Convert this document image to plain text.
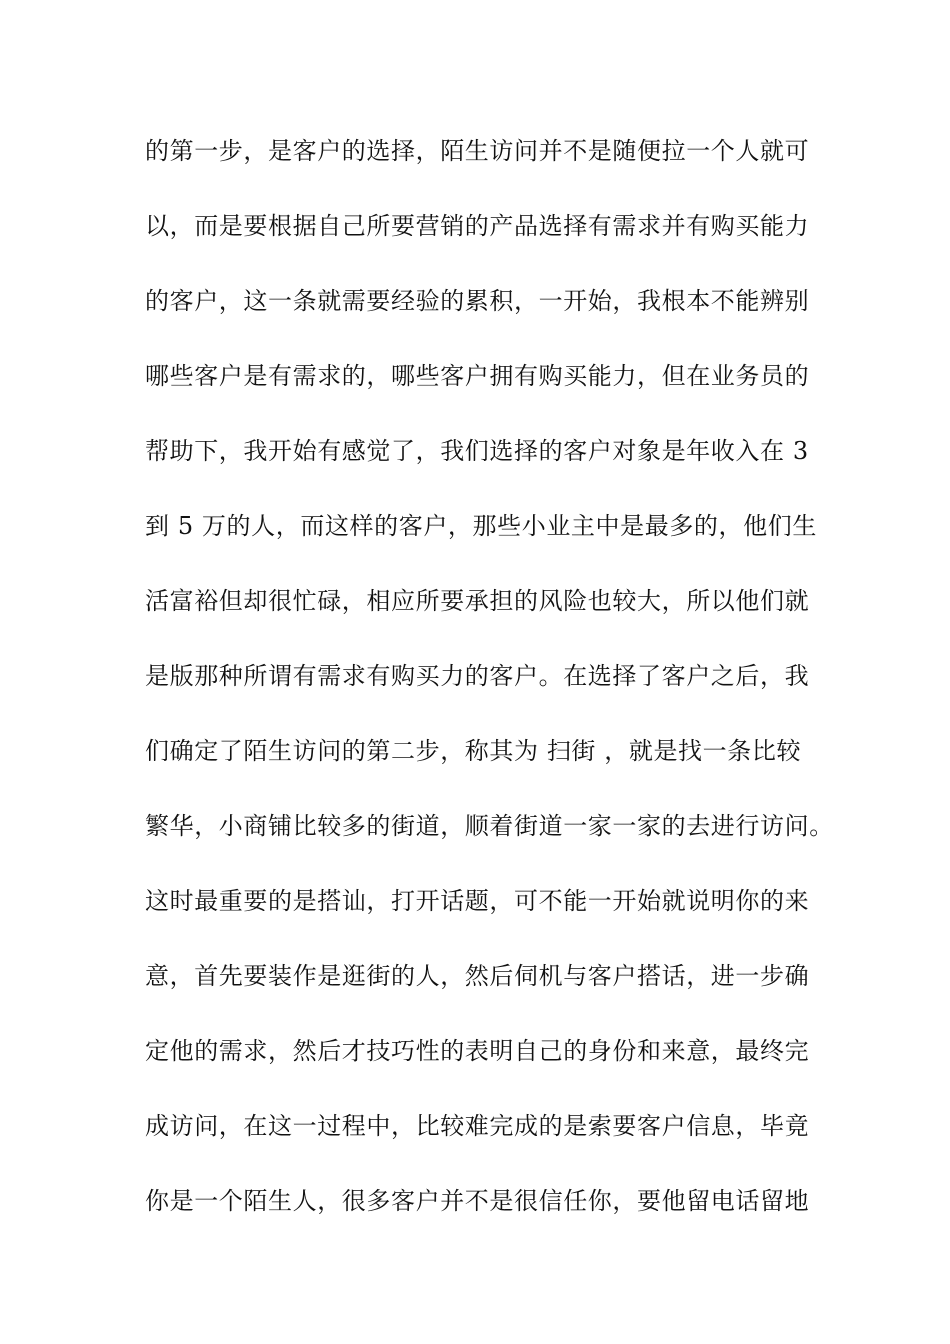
的第一步，是客户的选择，陌生访问并不是随便拉一个人就可
以，而是要根据自己所要营销的产品选择有需求并有购买能力
的客户，这一条就需要经验的累积，一开始，我根本不能辨别
哪些客户是有需求的，哪些客户拥有购买能力，但在业务员的
帮助下，我开始有感觉了，我们选择的客户对象是年收入在 3
到 5 万的人，而这样的客户，那些小业主中是最多的，他们生
活富裕但却很忙碌，相应所要承担的风险也较大，所以他们就
是版那种所谓有需求有购买力的客户。在选择了客户之后，我
们确定了陌生访问的第二步，称其为 扫街 ，就是找一条比较
繁华，小商铺比较多的街道，顺着街道一家一家的去进行访问。
这时最重要的是搭讪，打开话题，可不能一开始就说明你的来
意，首先要装作是逛街的人，然后伺机与客户搭话，进一步确
定他的需求，然后才技巧性的表明自己的身份和来意，最终完
成访问，在这一过程中，比较难完成的是索要客户信息，毕竟
你是一个陌生人，很多客户并不是很信任你，要他留电话留地
